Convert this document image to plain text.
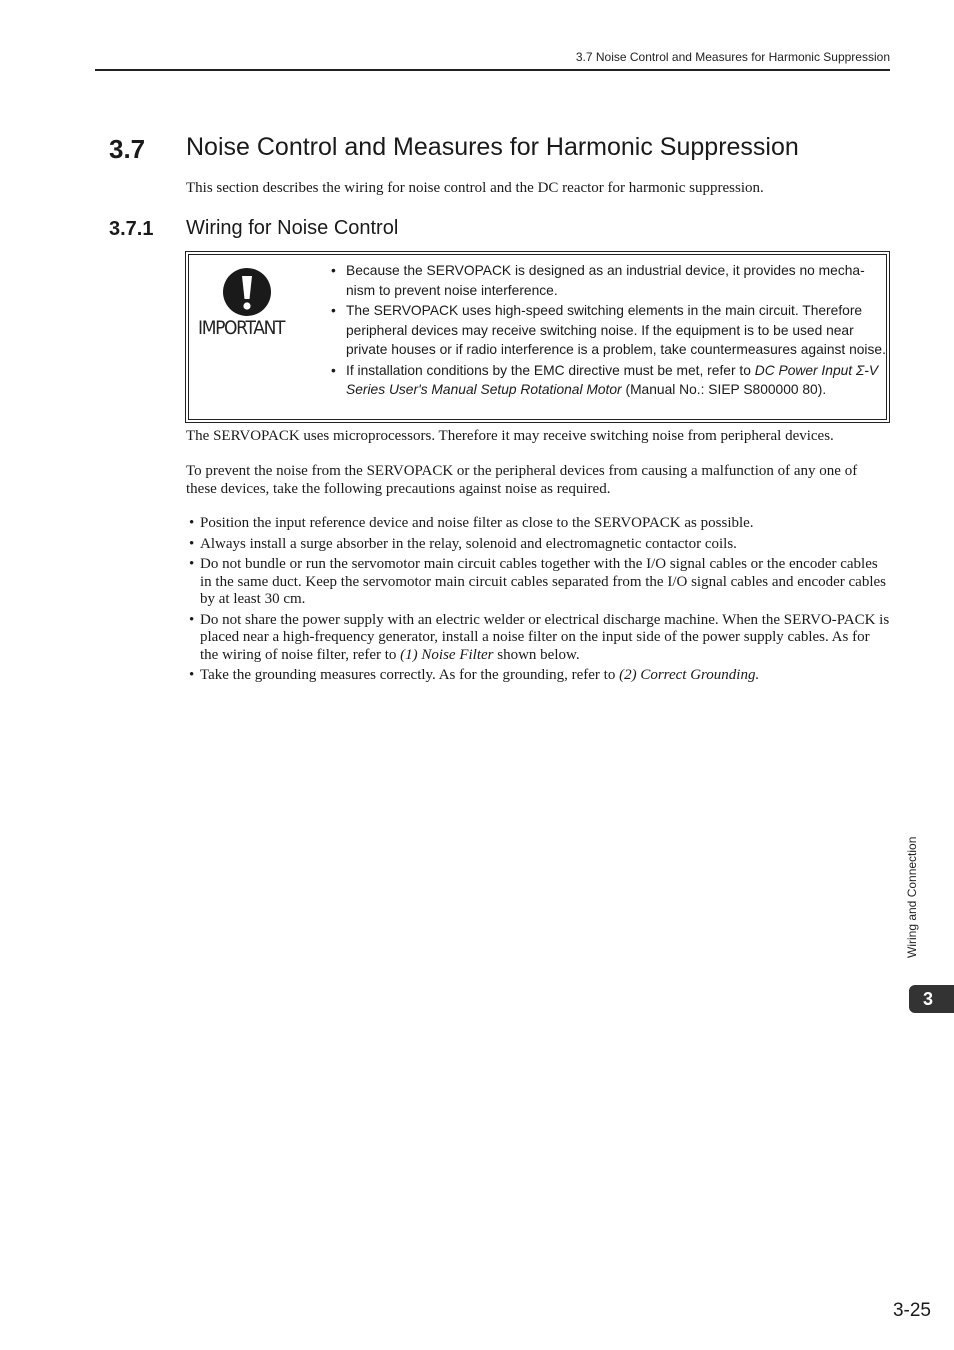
3.7 Noise Control and Measures for Harmonic Suppression
3.7 Noise Control and Measures for Harmonic Suppression
This section describes the wiring for noise control and the DC reactor for harmonic suppression.
3.7.1 Wiring for Noise Control
IMPORTANT
• Because the SERVOPACK is designed as an industrial device, it provides no mecha-nism to prevent noise interference.
• The SERVOPACK uses high-speed switching elements in the main circuit. Therefore peripheral devices may receive switching noise. If the equipment is to be used near private houses or if radio interference is a problem, take countermeasures against noise.
• If installation conditions by the EMC directive must be met, refer to DC Power Input Σ-V Series User's Manual Setup Rotational Motor (Manual No.: SIEP S800000 80).
The SERVOPACK uses microprocessors. Therefore it may receive switching noise from peripheral devices.
To prevent the noise from the SERVOPACK or the peripheral devices from causing a malfunction of any one of these devices, take the following precautions against noise as required.
• Position the input reference device and noise filter as close to the SERVOPACK as possible.
• Always install a surge absorber in the relay, solenoid and electromagnetic contactor coils.
• Do not bundle or run the servomotor main circuit cables together with the I/O signal cables or the encoder cables in the same duct. Keep the servomotor main circuit cables separated from the I/O signal cables and encoder cables by at least 30 cm.
• Do not share the power supply with an electric welder or electrical discharge machine. When the SERVO-PACK is placed near a high-frequency generator, install a noise filter on the input side of the power supply cables. As for the wiring of noise filter, refer to (1) Noise Filter shown below.
• Take the grounding measures correctly. As for the grounding, refer to (2) Correct Grounding.
Wiring and Connection
3
3-25
